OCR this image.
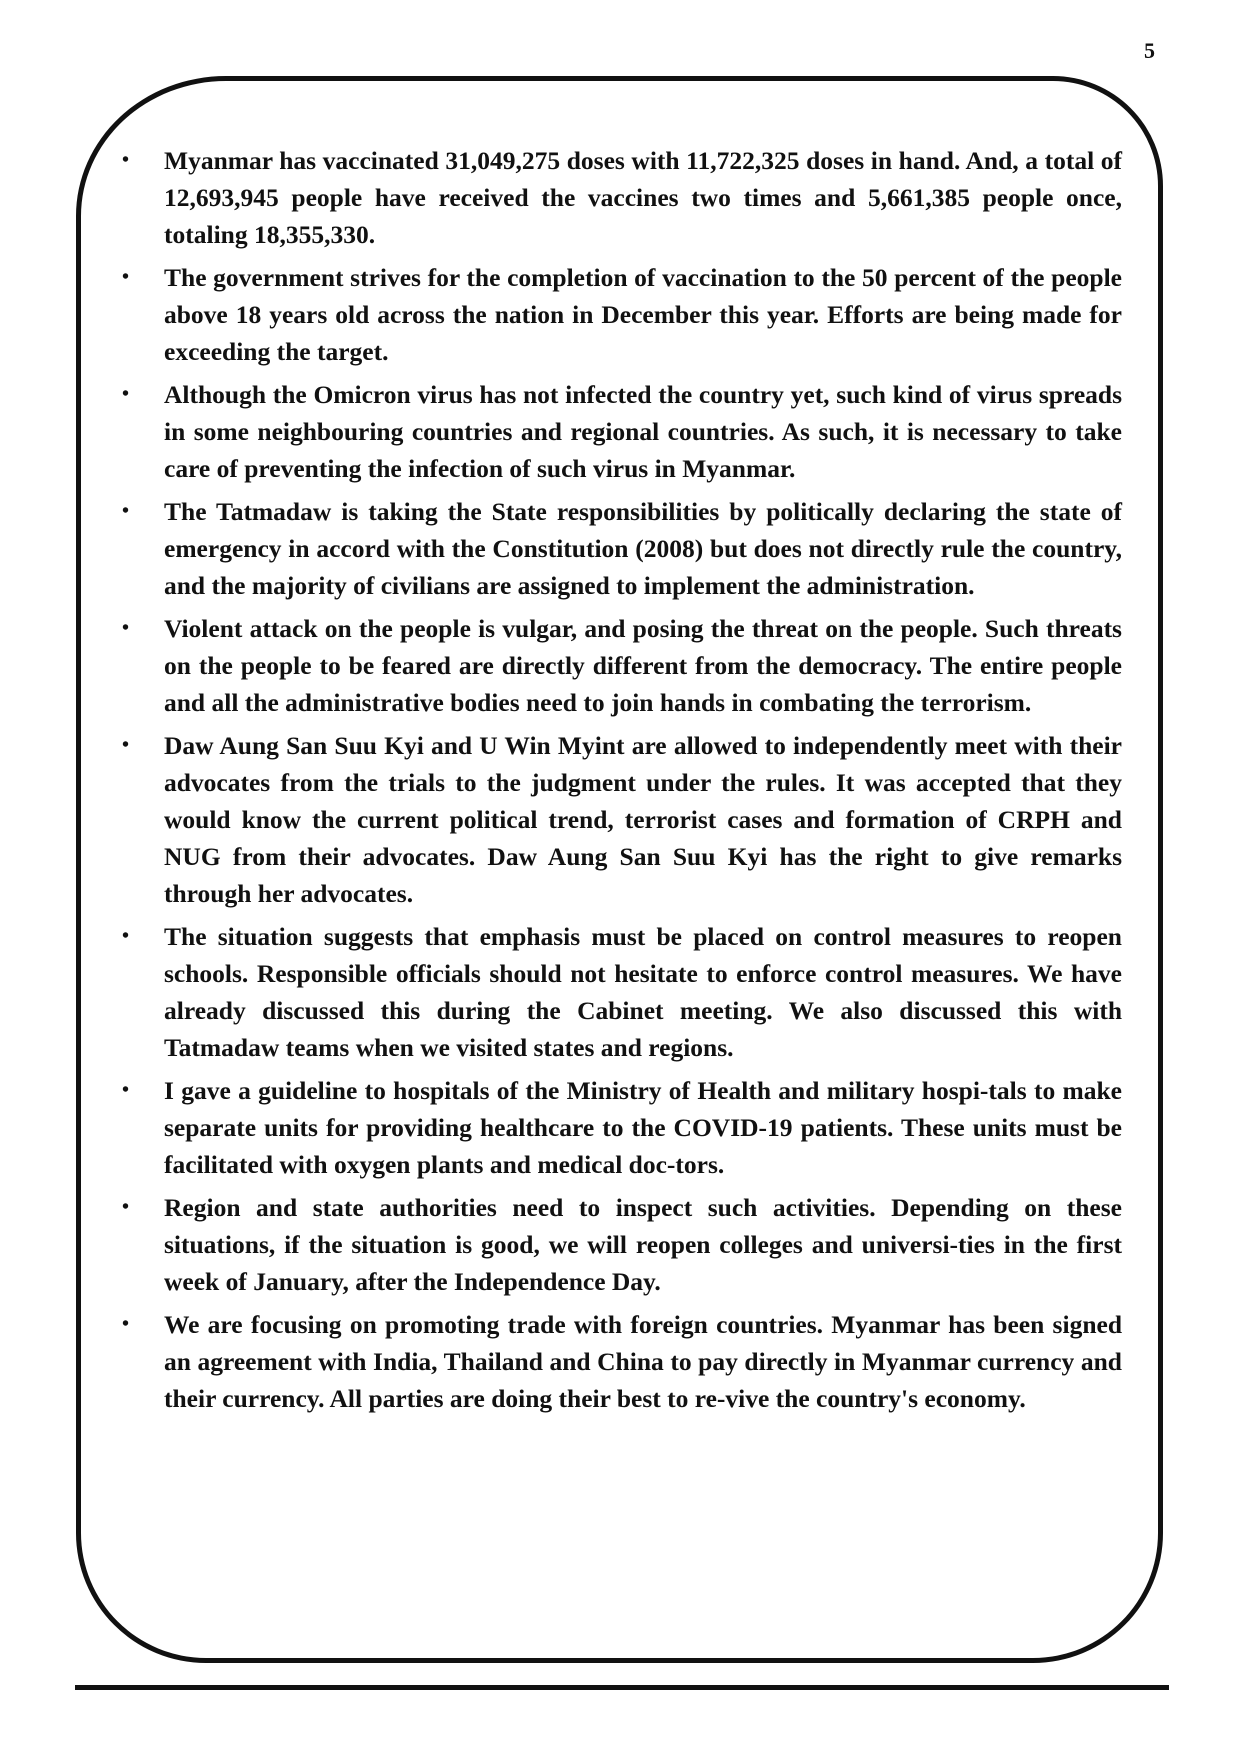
5
•	Myanmar has vaccinated 31,049,275 doses with 11,722,325 doses in hand. And, a total of 12,693,945 people have received the vaccines two times and 5,661,385 people once, totaling 18,355,330.
•	The government strives for the completion of vaccination to the 50 percent of the people above 18 years old across the nation in December this year. Efforts are being made for exceeding the target.
•	Although the Omicron virus has not infected the country yet, such kind of virus spreads in some neighbouring countries and regional countries. As such, it is necessary to take care of preventing the infection of such virus in Myanmar.
•	The Tatmadaw is taking the State responsibilities by politically declaring the state of emergency in accord with the Constitution (2008) but does not directly rule the country, and the majority of civilians are assigned to implement the administration.
•	Violent attack on the people is vulgar, and posing the threat on the people. Such threats on the people to be feared are directly different from the democracy. The entire people and all the administrative bodies need to join hands in combating the terrorism.
•	Daw Aung San Suu Kyi and U Win Myint are allowed to independently meet with their advocates from the trials to the judgment under the rules. It was accepted that they would know the current political trend, terrorist cases and formation of CRPH and NUG from their advocates. Daw Aung San Suu Kyi has the right to give remarks through her advocates.
•	The situation suggests that emphasis must be placed on control measures to reopen schools. Responsible officials should not hesitate to enforce control measures. We have already discussed this during the Cabinet meeting. We also discussed this with Tatmadaw teams when we visited states and regions.
•	I gave a guideline to hospitals of the Ministry of Health and military hospi-tals to make separate units for providing healthcare to the COVID-19 patients. These units must be facilitated with oxygen plants and medical doc-tors.
•	Region and state authorities need to inspect such activities. Depending on these situations, if the situation is good, we will reopen colleges and universi-ties in the first week of January, after the Independence Day.
•	We are focusing on promoting trade with foreign countries. Myanmar has been signed an agreement with India, Thailand and China to pay directly in Myanmar currency and their currency. All parties are doing their best to re-vive the country's economy.
